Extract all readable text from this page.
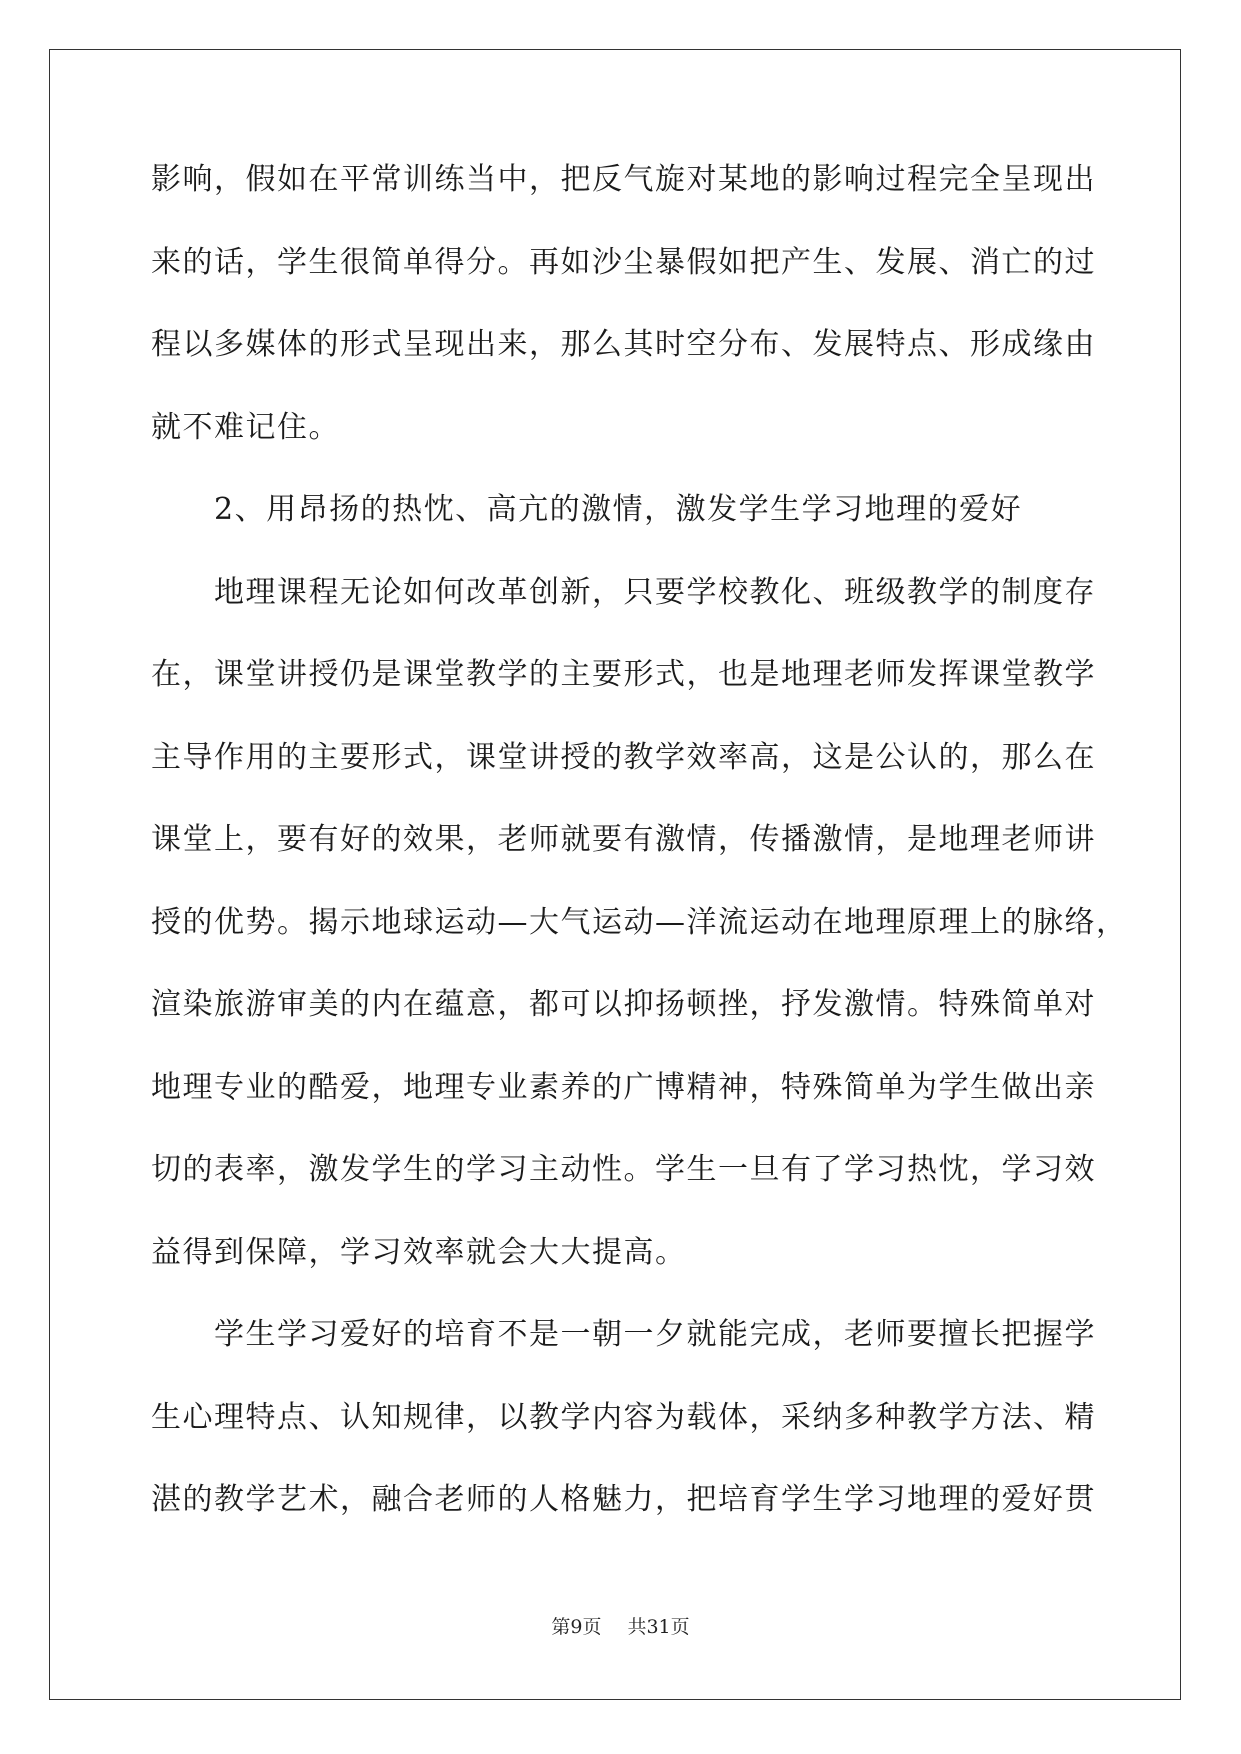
影响，假如在平常训练当中，把反气旋对某地的影响过程完全呈现出
来的话，学生很简单得分。再如沙尘暴假如把产生、发展、消亡的过
程以多媒体的形式呈现出来，那么其时空分布、发展特点、形成缘由
就不难记住。
　　2、用昂扬的热忱、高亢的激情，激发学生学习地理的爱好
　　地理课程无论如何改革创新，只要学校教化、班级教学的制度存
在，课堂讲授仍是课堂教学的主要形式，也是地理老师发挥课堂教学
主导作用的主要形式，课堂讲授的教学效率高，这是公认的，那么在
课堂上，要有好的效果，老师就要有激情，传播激情，是地理老师讲
授的优势。揭示地球运动—大气运动—洋流运动在地理原理上的脉络，
渲染旅游审美的内在蕴意，都可以抑扬顿挫，抒发激情。特殊简单对
地理专业的酷爱，地理专业素养的广博精神，特殊简单为学生做出亲
切的表率，激发学生的学习主动性。学生一旦有了学习热忱，学习效
益得到保障，学习效率就会大大提高。
　　学生学习爱好的培育不是一朝一夕就能完成，老师要擅长把握学
生心理特点、认知规律，以教学内容为载体，采纳多种教学方法、精
湛的教学艺术，融合老师的人格魅力，把培育学生学习地理的爱好贯
第9页 共31页
